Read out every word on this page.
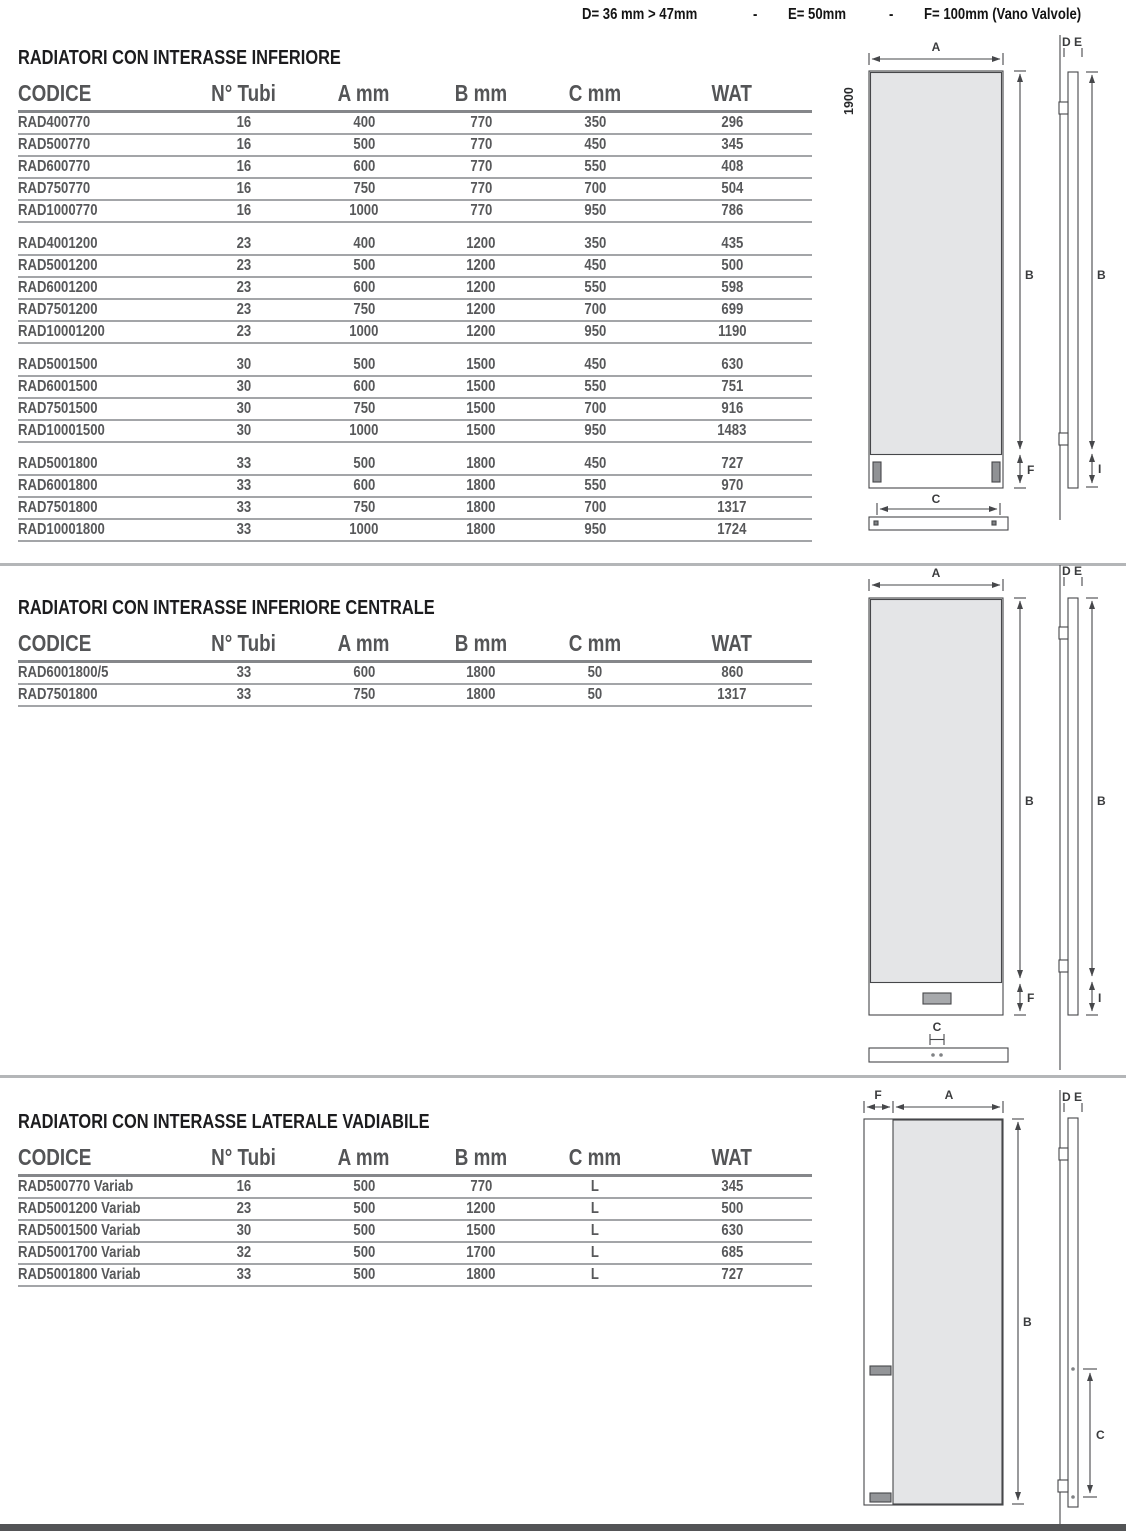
D= 36 mm > 47mm	- E= 50mm	- F= 100mm (Vano Valvole)
RADIATORI CON INTERASSE INFERIORE
CODICE	N° Tubi	A mm	B mm	C mm	WAT
RAD400770	16	400	770	350	296
RAD500770	16	500	770	450	345
RAD600770	16	600	770	550	408
RAD750770	16	750	770	700	504
RAD1000770	16	1000	770	950	786
RAD4001200	23	400	1200	350	435
RAD5001200	23	500	1200	450	500
RAD6001200	23	600	1200	550	598
RAD7501200	23	750	1200	700	699
RAD10001200	23	1000	1200	950	1190
RAD5001500	30	500	1500	450	630
RAD6001500	30	600	1500	550	751
RAD7501500	30	750	1500	700	916
RAD10001500	30	1000	1500	950	1483
RAD5001800	33	500	1800	450	727
RAD6001800	33	600	1800	550	970
RAD7501800	33	750	1800	700	1317
RAD10001800	33	1000	1800	950	1724
RADIATORI CON INTERASSE INFERIORE CENTRALE
CODICE	N° Tubi	A mm	B mm	C mm	WAT
RAD6001800/5	33	600	1800	50	860
RAD7501800	33	750	1800	50	1317
RADIATORI CON INTERASSE LATERALE VADIABILE
CODICE	N° Tubi	A mm	B mm	C mm	WAT
RAD500770 Variab	16	500	770	L	345
RAD5001200 Variab	23	500	1200	L	500
RAD5001500 Variab	30	500	1500	L	630
RAD5001700 Variab	32	500	1700	L	685
RAD5001800 Variab	33	500	1800	L	727
A
1900
B
F
C
D E
B
I
A
B
F
C
D E
B
I
F	A
B
D E
C
